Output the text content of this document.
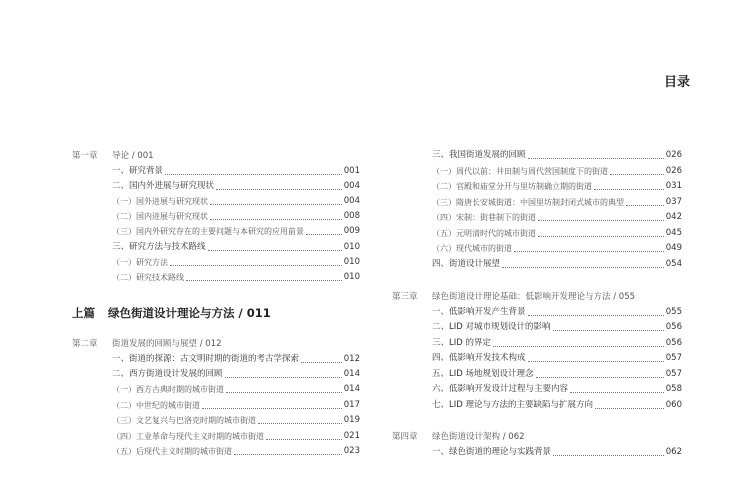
目录
第一章 导论 / 001
一、研究背景	001
二、国内外进展与研究现状	004
（一）国外进展与研究现状	004
（二）国内进展与研究现状	008
（三）国内外研究存在的主要问题与本研究的应用前景	009
三、研究方法与技术路线	010
（一）研究方法	010
（二）研究技术路线	010
上篇 绿色街道设计理论与方法 / 011
第二章 街道发展的回顾与展望 / 012
一、街道的探源：古文明时期的街道的考古学探索	012
二、西方街道设计发展的回顾	014
（一）西方古典时期的城市街道	014
（二）中世纪的城市街道	017
（三）文艺复兴与巴洛克时期的城市街道	019
（四）工业革命与现代主义时期的城市街道	021
（五）后现代主义时期的城市街道	023
三、我国街道发展的回顾	026
（一）周代以前：井田制与周代营国制度下的街道	026
（二）官殿和庙堂分开与里坊制确立期的街道	031
（三）隋唐长安城街道：中国里坊制封闭式城市的典型	037
（四）宋制：街巷制下的街道	042
（五）元明清时代的城市街道	045
（六）现代城市的街道	049
四、街道设计展望	054
第三章 绿色街道设计理论基础：低影响开发理论与方法 / 055
一、低影响开发产生背景	055
二、LID 对城市规划设计的影响	056
三、LID 的界定	056
四、低影响开发技术构成	057
五、LID 场地规划设计理念	057
六、低影响开发设计过程与主要内容	058
七、LID 理论与方法的主要缺陷与扩展方向	060
第四章 绿色街道设计架构 / 062
一、绿色街道的理论与实践背景	062
